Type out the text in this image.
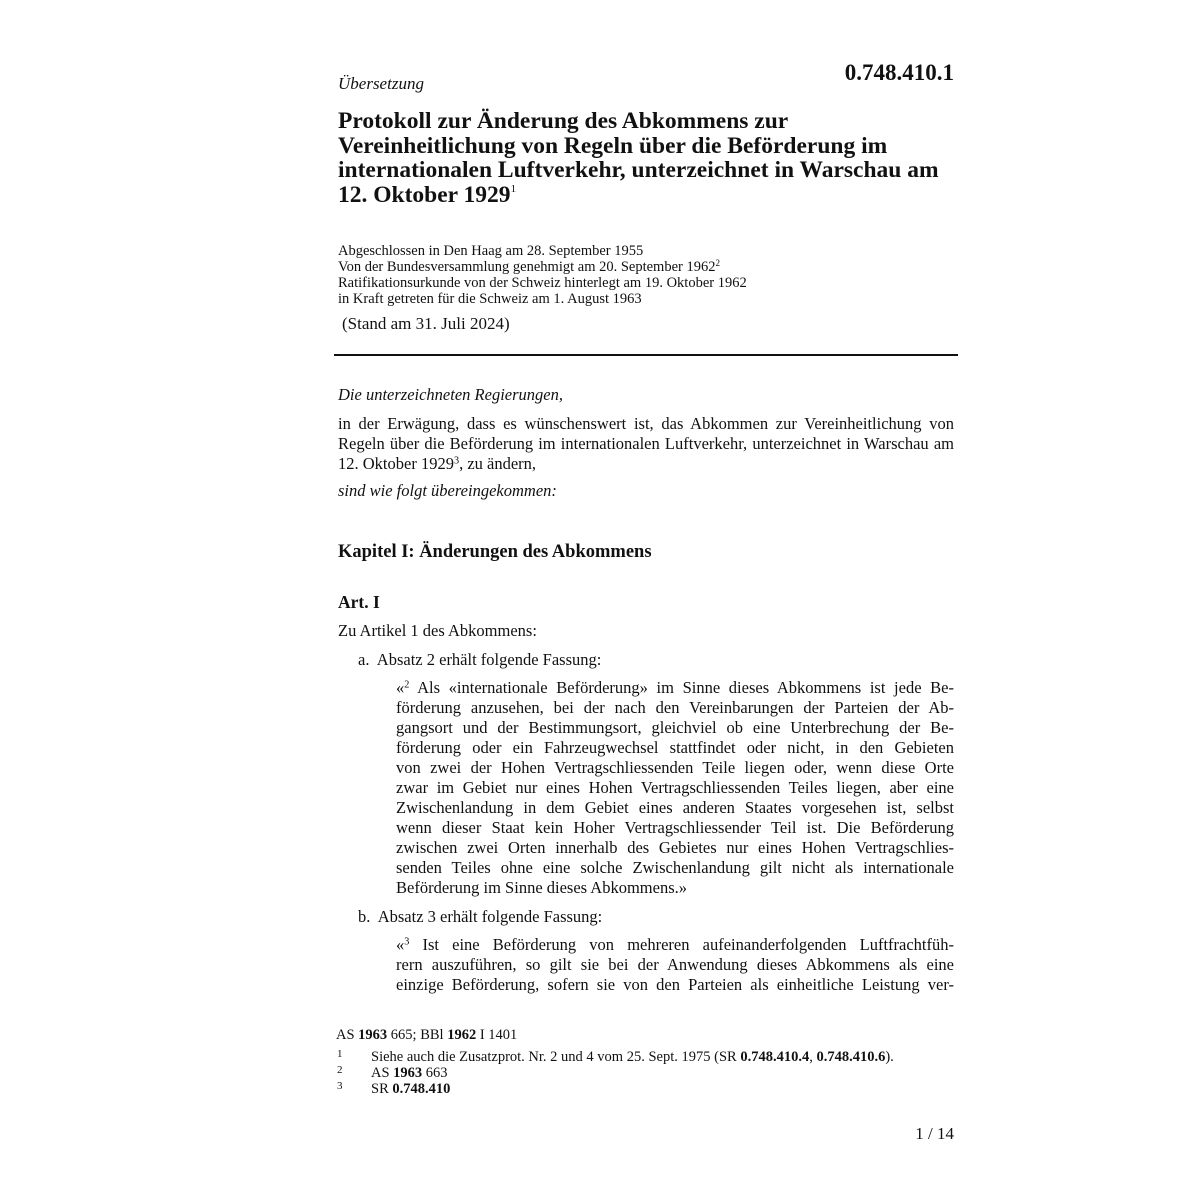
Übersetzung	0.748.410.1
Protokoll zur Änderung des Abkommens zur Vereinheitlichung von Regeln über die Beförderung im internationalen Luftverkehr, unterzeichnet in Warschau am 12. Oktober 1929$^1$
Abgeschlossen in Den Haag am 28. September 1955
Von der Bundesversammlung genehmigt am 20. September 1962$^2$
Ratifikationsurkunde von der Schweiz hinterlegt am 19. Oktober 1962
in Kraft getreten für die Schweiz am 1. August 1963
(Stand am 31. Juli 2024)
Die unterzeichneten Regierungen,
in der Erwägung, dass es wünschenswert ist, das Abkommen zur Vereinheitlichung von Regeln über die Beförderung im internationalen Luftverkehr, unterzeichnet in Warschau am 12. Oktober 1929$^3$, zu ändern,
sind wie folgt übereingekommen:
Kapitel I: Änderungen des Abkommens
Art. I
Zu Artikel 1 des Abkommens:
a. Absatz 2 erhält folgende Fassung:
«$^2$ Als «internationale Beförderung» im Sinne dieses Abkommens ist jede Be-
förderung anzusehen, bei der nach den Vereinbarungen der Parteien der Ab-
gangsort und der Bestimmungsort, gleichviel ob eine Unterbrechung der Be-
förderung oder ein Fahrzeugwechsel stattfindet oder nicht, in den Gebieten
von zwei der Hohen Vertragschliessenden Teile liegen oder, wenn diese Orte
zwar im Gebiet nur eines Hohen Vertragschliessenden Teiles liegen, aber eine
Zwischenlandung in dem Gebiet eines anderen Staates vorgesehen ist, selbst
wenn dieser Staat kein Hoher Vertragschliessender Teil ist. Die Beförderung
zwischen zwei Orten innerhalb des Gebietes nur eines Hohen Vertragschlies-
senden Teiles ohne eine solche Zwischenlandung gilt nicht als internationale
Beförderung im Sinne dieses Abkommens.»
b. Absatz 3 erhält folgende Fassung:
«$^3$ Ist eine Beförderung von mehreren aufeinanderfolgenden Luftfrachtfüh-
rern auszuführen, so gilt sie bei der Anwendung dieses Abkommens als eine
einzige Beförderung, sofern sie von den Parteien als einheitliche Leistung ver-
AS 1963 665; BBl 1962 I 1401
1 Siehe auch die Zusatzprot. Nr. 2 und 4 vom 25. Sept. 1975 (SR 0.748.410.4, 0.748.410.6).
2 AS 1963 663
3 SR 0.748.410
1 / 14
